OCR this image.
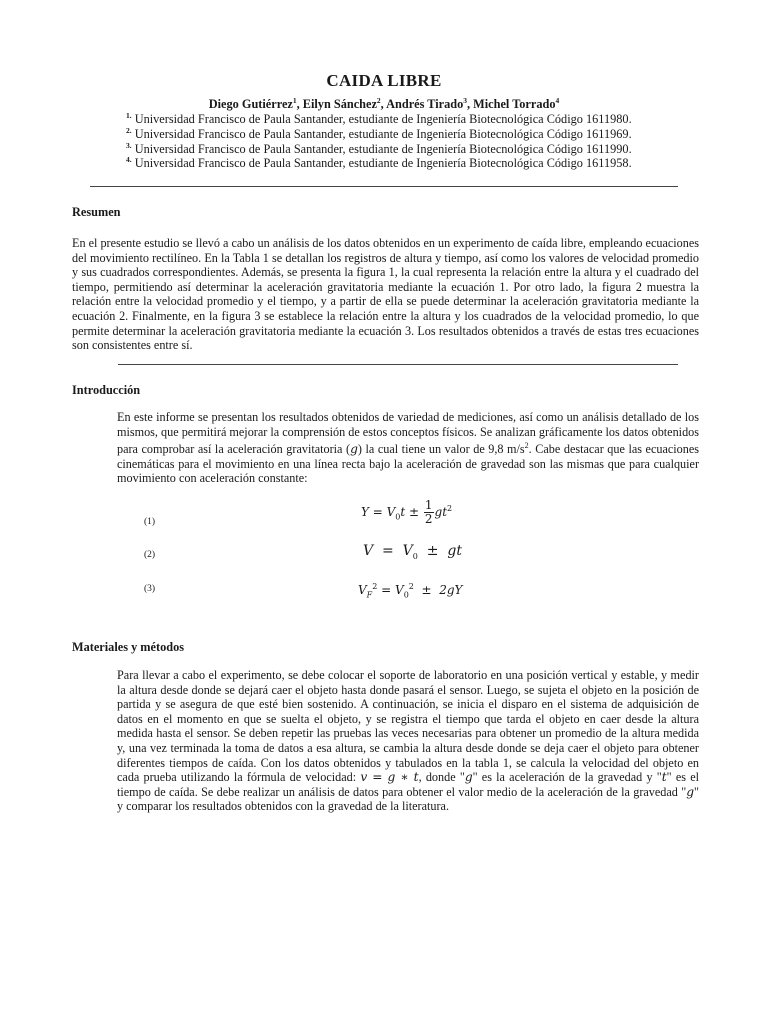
CAIDA LIBRE
Diego Gutiérrez$^1$, Eilyn Sánchez$^2$, Andrés Tirado$^3$, Michel Torrado$^4$
$^{1.}$ Universidad Francisco de Paula Santander, estudiante de Ingeniería Biotecnológica Código 1611980.
$^{2.}$ Universidad Francisco de Paula Santander, estudiante de Ingeniería Biotecnológica Código 1611969.
$^{3.}$ Universidad Francisco de Paula Santander, estudiante de Ingeniería Biotecnológica Código 1611990.
$^{4.}$ Universidad Francisco de Paula Santander, estudiante de Ingeniería Biotecnológica Código 1611958.
Resumen
En el presente estudio se llevó a cabo un análisis de los datos obtenidos en un experimento de caída libre, empleando ecuaciones del movimiento rectilíneo. En la Tabla 1 se detallan los registros de altura y tiempo, así como los valores de velocidad promedio y sus cuadrados correspondientes. Además, se presenta la figura 1, la cual representa la relación entre la altura y el cuadrado del tiempo, permitiendo así determinar la aceleración gravitatoria mediante la ecuación 1. Por otro lado, la figura 2 muestra la relación entre la velocidad promedio y el tiempo, y a partir de ella se puede determinar la aceleración gravitatoria mediante la ecuación 2. Finalmente, en la figura 3 se establece la relación entre la altura y los cuadrados de la velocidad promedio, lo que permite determinar la aceleración gravitatoria mediante la ecuación 3. Los resultados obtenidos a través de estas tres ecuaciones son consistentes entre sí.
Introducción
En este informe se presentan los resultados obtenidos de variedad de mediciones, así como un análisis detallado de los mismos, que permitirá mejorar la comprensión de estos conceptos físicos. Se analizan gráficamente los datos obtenidos para comprobar así la aceleración gravitatoria (g) la cual tiene un valor de 9,8 $m/s^2$. Cabe destacar que las ecuaciones cinemáticas para el movimiento en una línea recta bajo la aceleración de gravedad son las mismas que para cualquier movimiento con aceleración constante:
(1)
$Y = V_0t \pm \frac{1}{2} gt^2$
(2)	$V = V_0$  ±  gt
(3)	$V_F^2 = V_0^2 \pm 2gY$
Materiales y métodos
Para llevar a cabo el experimento, se debe colocar el soporte de laboratorio en una posición vertical y estable, y medir la altura desde donde se dejará caer el objeto hasta donde pasará el sensor. Luego, se sujeta el objeto en la posición de partida y se asegura de que esté bien sostenido. A continuación, se inicia el disparo en el sistema de adquisición de datos en el momento en que se suelta el objeto, y se registra el tiempo que tarda el objeto en caer desde la altura medida hasta el sensor. Se deben repetir las pruebas las veces necesarias para obtener un promedio de la altura medida y, una vez terminada la toma de datos a esa altura, se cambia la altura desde donde se deja caer el objeto para obtener diferentes tiempos de caída. Con los datos obtenidos y tabulados en la tabla 1, se calcula la velocidad del objeto en cada prueba utilizando la fórmula de velocidad: v = g ∗ t, donde "g" es la aceleración de la gravedad y "t" es el tiempo de caída. Se debe realizar un análisis de datos para obtener el valor medio de la aceleración de la gravedad "g" y comparar los resultados obtenidos con la gravedad de la literatura.
